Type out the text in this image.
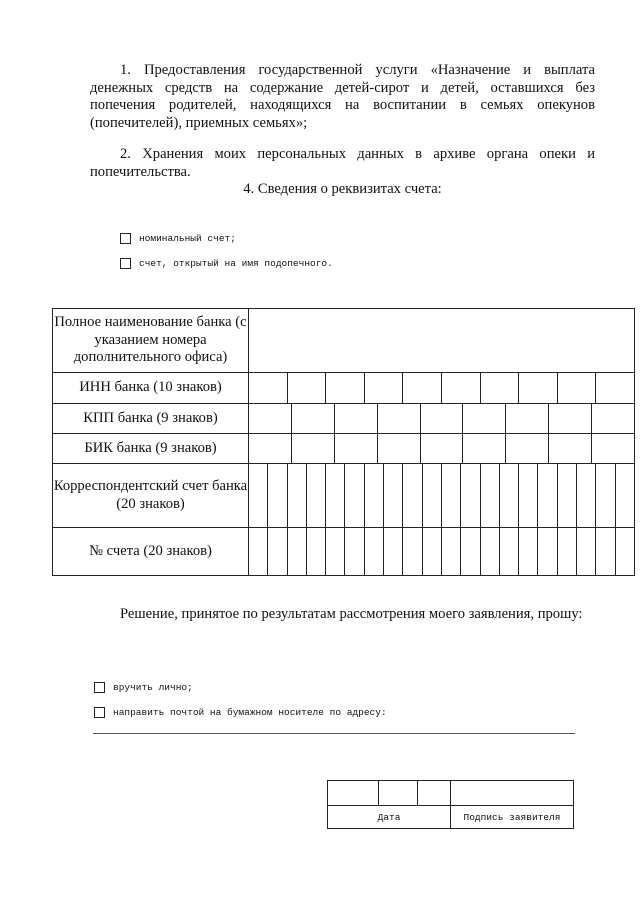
1. Предоставления государственной услуги «Назначение и выплата денежных средств на содержание детей-сирот и детей, оставшихся без попечения родителей, находящихся на воспитании в семьях опекунов (попечителей), приемных семьях»;

2. Хранения моих персональных данных в архиве органа опеки и попечительства.

4. Сведения о реквизитах счета:

номинальный счет;
счет, открытый на имя подопечного.
Полное наименование банка (с указанием номера дополнительного офиса)	
ИНН банка (10 знаков)	

КПП банка (9 знаков)	

БИК банка (9 знаков)	

Корреспондентский счет банка (20 знаков)	

№ счета (20 знаков)	

Решение, принятое по результатам рассмотрения моего заявления, прошу:

вручить лично;
направить почтой на бумажном носителе по адресу:

Дата	Подпись заявителя
